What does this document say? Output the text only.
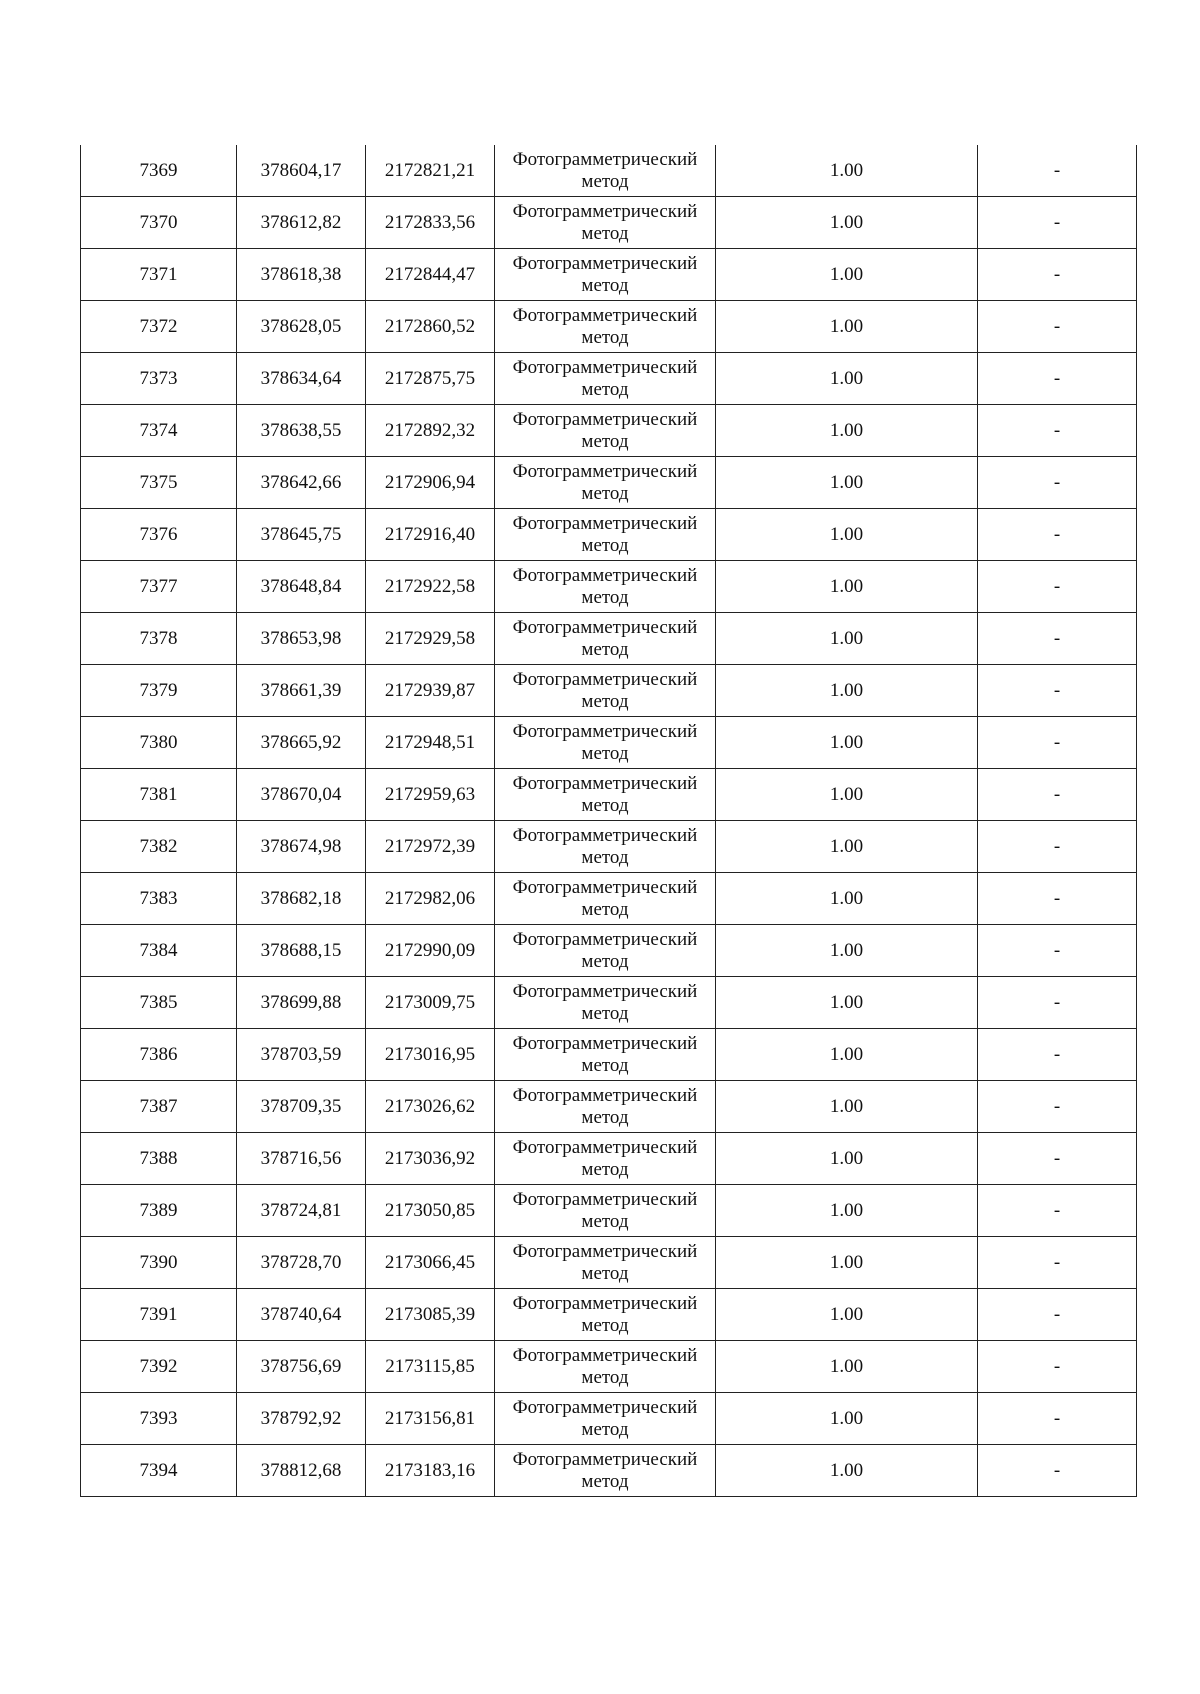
7369	378604,17	2172821,21	Фотограмметрический метод	1.00	-
7370	378612,82	2172833,56	Фотограмметрический метод	1.00	-
7371	378618,38	2172844,47	Фотограмметрический метод	1.00	-
7372	378628,05	2172860,52	Фотограмметрический метод	1.00	-
7373	378634,64	2172875,75	Фотограмметрический метод	1.00	-
7374	378638,55	2172892,32	Фотограмметрический метод	1.00	-
7375	378642,66	2172906,94	Фотограмметрический метод	1.00	-
7376	378645,75	2172916,40	Фотограмметрический метод	1.00	-
7377	378648,84	2172922,58	Фотограмметрический метод	1.00	-
7378	378653,98	2172929,58	Фотограмметрический метод	1.00	-
7379	378661,39	2172939,87	Фотограмметрический метод	1.00	-
7380	378665,92	2172948,51	Фотограмметрический метод	1.00	-
7381	378670,04	2172959,63	Фотограмметрический метод	1.00	-
7382	378674,98	2172972,39	Фотограмметрический метод	1.00	-
7383	378682,18	2172982,06	Фотограмметрический метод	1.00	-
7384	378688,15	2172990,09	Фотограмметрический метод	1.00	-
7385	378699,88	2173009,75	Фотограмметрический метод	1.00	-
7386	378703,59	2173016,95	Фотограмметрический метод	1.00	-
7387	378709,35	2173026,62	Фотограмметрический метод	1.00	-
7388	378716,56	2173036,92	Фотограмметрический метод	1.00	-
7389	378724,81	2173050,85	Фотограмметрический метод	1.00	-
7390	378728,70	2173066,45	Фотограмметрический метод	1.00	-
7391	378740,64	2173085,39	Фотограмметрический метод	1.00	-
7392	378756,69	2173115,85	Фотограмметрический метод	1.00	-
7393	378792,92	2173156,81	Фотограмметрический метод	1.00	-
7394	378812,68	2173183,16	Фотограмметрический метод	1.00	-
